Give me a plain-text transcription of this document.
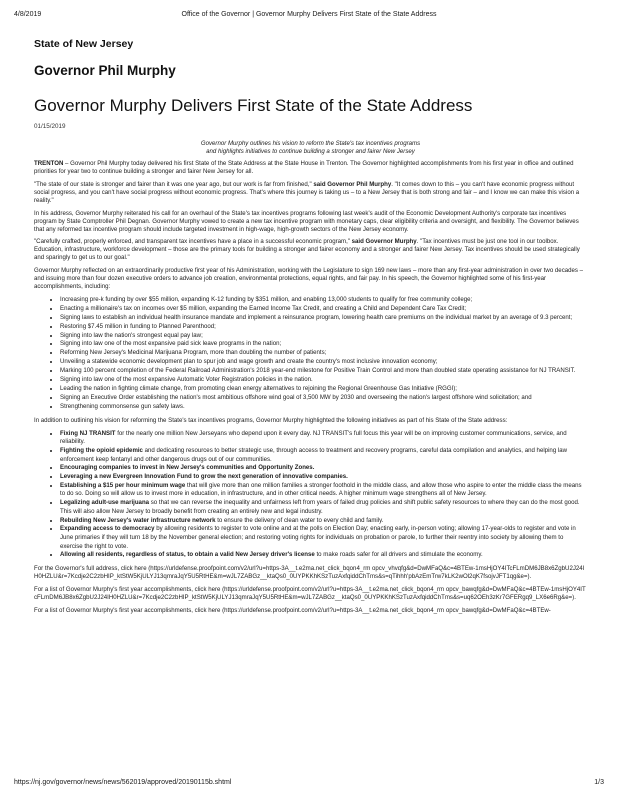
4/8/2019	Office of the Governor | Governor Murphy Delivers First State of the State Address
State of New Jersey
Governor Phil Murphy
Governor Murphy Delivers First State of the State Address
01/15/2019
Governor Murphy outlines his vision to reform the State's tax incentives programs
and highlights initiatives to continue building a stronger and fairer New Jersey

TRENTON – Governor Phil Murphy today delivered his first State of the State Address at the State House in Trenton. The Governor highlighted accomplishments from his first year in office and outlined priorities for year two to continue building a stronger and fairer New Jersey for all.

"The state of our state is stronger and fairer than it was one year ago, but our work is far from finished," said Governor Phil Murphy. "It comes down to this – you can't have economic progress without social progress, and you can't have social progress without economic progress. That's where this journey is taking us – to a New Jersey that is both strong and fair – and I know we can make this vision a reality."

In his address, Governor Murphy reiterated his call for an overhaul of the State's tax incentives programs following last week's audit of the Economic Development Authority's corporate tax incentives program by State Comptroller Phil Degnan. Governor Murphy vowed to create a new tax incentive program with monetary caps, clear eligibility criteria and oversight, and flexibility. The Governor believes that any reformed tax incentive program should include targeted investment in high-wage, high-growth sectors of the New Jersey economy.

"Carefully crafted, properly enforced, and transparent tax incentives have a place in a successful economic program," said Governor Murphy. "Tax incentives must be just one tool in our toolbox. Education, infrastructure, workforce development – those are the primary tools for building a stronger and fairer economy and a stronger and fairer New Jersey. Tax incentives should be used strategically and sparingly to get us to our goal."

Governor Murphy reflected on an extraordinarily productive first year of his Administration, working with the Legislature to sign 169 new laws – more than any first-year administration in over two decades – and issuing more than four dozen executive orders to advance job creation, environmental protections, equal rights, and fair pay. In his speech, the Governor highlighted some of his first-year accomplishments, including:

• Increasing pre-k funding by over $55 million, expanding K-12 funding by $351 million, and enabling 13,000 students to qualify for free community college;
• Enacting a millionaire's tax on incomes over $5 million, expanding the Earned Income Tax Credit, and creating a Child and Dependent Care Tax Credit;
• Signing laws to establish an individual health insurance mandate and implement a reinsurance program, lowering health care premiums on the individual market by an average of 9.3 percent;
• Restoring $7.45 million in funding to Planned Parenthood;
• Signing into law the nation's strongest equal pay law;
• Signing into law one of the most expansive paid sick leave programs in the nation;
• Reforming New Jersey's Medicinal Marijuana Program, more than doubling the number of patients;
• Unveiling a statewide economic development plan to spur job and wage growth and create the country's most inclusive innovation economy;
• Marking 100 percent completion of the Federal Railroad Administration's 2018 year-end milestone for Positive Train Control and more than doubled state operating assistance for NJ TRANSIT.
• Signing into law one of the most expansive Automatic Voter Registration policies in the nation.
• Leading the nation in fighting climate change, from promoting clean energy alternatives to rejoining the Regional Greenhouse Gas Initiative (RGGI);
• Signing an Executive Order establishing the nation's most ambitious offshore wind goal of 3,500 MW by 2030 and overseeing the nation's largest offshore wind solicitation; and
• Strengthening commonsense gun safety laws.

In addition to outlining his vision for reforming the State's tax incentives programs, Governor Murphy highlighted the following initiatives as part of his State of the State address:

• Fixing NJ TRANSIT for the nearly one million New Jerseyans who depend upon it every day. NJ TRANSIT's full focus this year will be on improving customer communications, service, and reliability.
• Fighting the opioid epidemic and dedicating resources to better strategic use, through access to treatment and recovery programs, careful data compilation and analytics, and helping law enforcement keep fentanyl and other dangerous drugs out of our communities.
• Encouraging companies to invest in New Jersey's communities and Opportunity Zones.
• Leveraging a new Evergreen Innovation Fund to grow the next generation of innovative companies.
• Establishing a $15 per hour minimum wage that will give more than one million families a stronger foothold in the middle class, and allow those who aspire to enter the middle class the means to do so. Doing so will allow us to invest more in education, in infrastructure, and in other critical needs. A higher minimum wage strengthens all of New Jersey.
• Legalizing adult-use marijuana so that we can reverse the inequality and unfairness left from years of failed drug policies and shift public safety resources to where they can do the most good. This will also allow New Jersey to broadly benefit from creating an entirely new and legal industry.
• Rebuilding New Jersey's water infrastructure network to ensure the delivery of clean water to every child and family.
• Expanding access to democracy by allowing residents to register to vote online and at the polls on Election Day; enacting early, in-person voting; allowing 17-year-olds to register and vote in June primaries if they will turn 18 by the November general election; and restoring voting rights for individuals on probation or parole, to further their reentry into society by allowing them to exercise the right to vote.
• Allowing all residents, regardless of status, to obtain a valid New Jersey driver's license to make roads safer for all drivers and stimulate the economy.

For the Governor's full address, click here (https://urldefense.proofpoint.com/v2/url?u=https-3A__t.e2ma.net_click_bqon4_rm opcv_vhvqfg&d=DwMFaQ&c=4BTEw-1msHjOY4ITcFLmDM6JB8x6ZgbU2J24IH0HZLU&r=7Kcdje2C2zbHIP_ktStW5KjULYJ13qmraJqY5U5RtHE&m=wJL7ZABGz__ktaQs0_0UYPKKhKSzTuzAxfqiddChTms&s=qTihhh'pbAzEmTrw7kLK2wOl2qK7fsojvJFT1qg&e=).

For a list of Governor Murphy's first year accomplishments, click here (https://urldefense.proofpoint.com/v2/url?u=https-3A__t.e2ma.net_click_bqon4_rm opcv_bawqfg&d=DwMFaQ&c=4BTEw-1msHjOY4ITcFLmDM6JB8x6ZgbU2J24IH0HZLU&r=7Kcdje2C2zbHIP_ktStW5KjULYJ13qmraJqY5U5RtHE&m=wJL7ZABGz__ktaQs0_0UYPKKhKSzTuzAxfqiddChTms&s=uq62OEh3zKr7GFERgq9_LX6e6Rg&e=).

For a list of Governor Murphy's first year accomplishments, click here (https://urldefense.proofpoint.com/v2/url?u=https-3A__t.e2ma.net_click_bqon4_rm opcv_bawqfg&d=DwMFaQ&c=4BTEw-

https://nj.gov/governor/news/news/562019/approved/20190115b.shtml	1/3
